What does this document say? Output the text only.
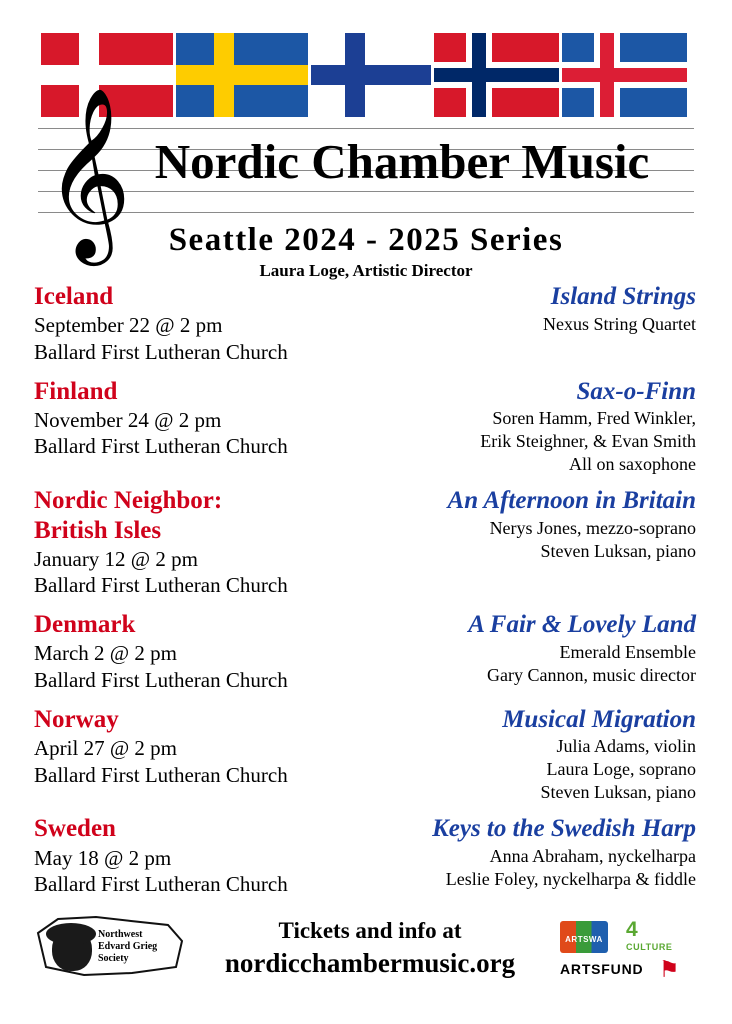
𝄞 Nordic Chamber Music
Seattle 2024 - 2025 Series
Laura Loge, Artistic Director
Iceland
September 22 @ 2 pm
Ballard First Lutheran Church
Island Strings
Nexus String Quartet
Finland
November 24 @ 2 pm
Ballard First Lutheran Church
Sax-o-Finn
Soren Hamm, Fred Winkler,
Erik Steighner, & Evan Smith
All on saxophone
Nordic Neighbor:
British Isles
January 12 @ 2 pm
Ballard First Lutheran Church
An Afternoon in Britain
Nerys Jones, mezzo-soprano
Steven Luksan, piano
Denmark
March 2 @ 2 pm
Ballard First Lutheran Church
A Fair & Lovely Land
Emerald Ensemble
Gary Cannon, music director
Norway
April 27 @ 2 pm
Ballard First Lutheran Church
Musical Migration
Julia Adams, violin
Laura Loge, soprano
Steven Luksan, piano
Sweden
May 18 @ 2 pm
Ballard First Lutheran Church
Keys to the Swedish Harp
Anna Abraham, nyckelharpa
Leslie Foley, nyckelharpa & fiddle
Northwest
Edvard Grieg
Society
Tickets and info at
nordicchambermusic.org
ARTSWA 4
CULTURE
ARTSFUND ⚑
